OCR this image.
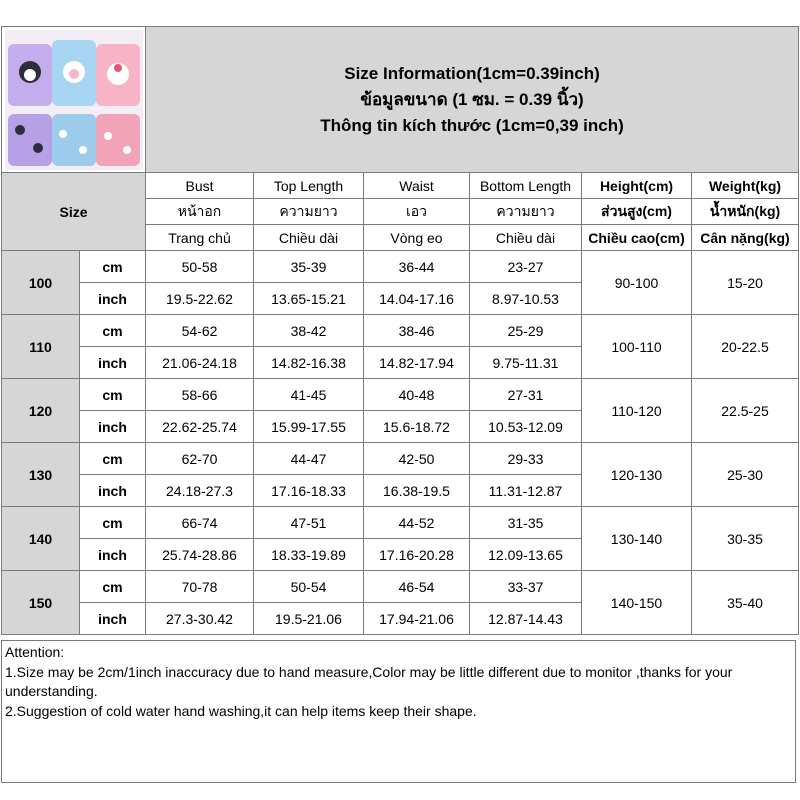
Size Information(1cm=0.39inch)
ข้อมูลขนาด (1 ซม. = 0.39 นิ้ว)
Thông tin kích thước (1cm=0,39 inch)					

Size		Bust	Top Length	Waist	Bottom Length	Height(cm)	Weight(kg)
		หน้าอก	ความยาว	เอว	ความยาว	ส่วนสูง(cm)	น้ำหนัก(kg)
		Trang chủ	Chiều dài	Vòng eo	Chiều dài	Chiều cao(cm)	Cân nặng(kg)
100	cm	50-58	35-39	36-44	23-27	90-100	15-20
	inch	19.5-22.62	13.65-15.21	14.04-17.16	8.97-10.53		
110	cm	54-62	38-42	38-46	25-29	100-110	20-22.5
	inch	21.06-24.18	14.82-16.38	14.82-17.94	9.75-11.31		
120	cm	58-66	41-45	40-48	27-31	110-120	22.5-25
	inch	22.62-25.74	15.99-17.55	15.6-18.72	10.53-12.09		
130	cm	62-70	44-47	42-50	29-33	120-130	25-30
	inch	24.18-27.3	17.16-18.33	16.38-19.5	11.31-12.87		
140	cm	66-74	47-51	44-52	31-35	130-140	30-35
	inch	25.74-28.86	18.33-19.89	17.16-20.28	12.09-13.65		
150	cm	70-78	50-54	46-54	33-37	140-150	35-40
	inch	27.3-30.42	19.5-21.06	17.94-21.06	12.87-14.43		
Attention:
1.Size may be 2cm/1inch inaccuracy due to hand measure,Color may be little different due to monitor ,thanks for your
understanding.
2.Suggestion of cold water hand washing,it can help items keep their shape.
